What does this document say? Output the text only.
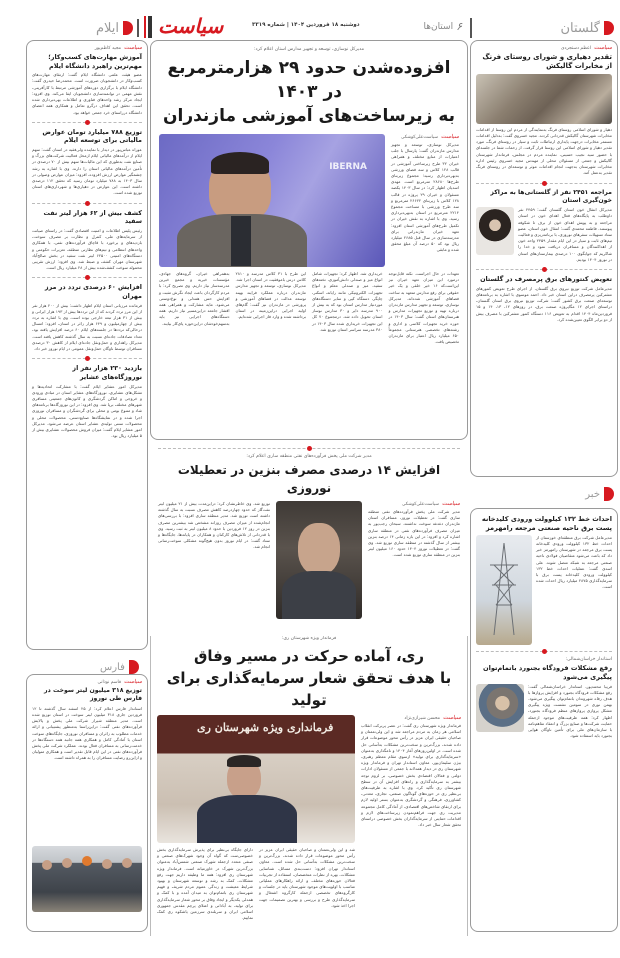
گلستان
۶
استان‌ها
دوشنبه ۱۸ فروردین ۱۴۰۴ | شماره ۳۳۱۹
سیاست
ایلام
سیاست
اعظم دستجردی
تقدیر دهیاری و شورای روستای فرنگ از مخابرات گالیکش
دهیار و شورای اسلامی روستای فرنگ به‌نمایندگی از مردم این روستا از اقدامات مخابرات شهرستان گالیکش قدردانی کردند. مجید خسروی گفت: به‌دلیل اقدامات مستمر مخابرات درجهت پایداری ارتباطات ثابت و سیار در روستای فرنگ، مورد تقدیر دهیار و شورای اسلامی این روستا قرار گرفت. از زحمات شما در جلسه‌ای با حضور سید نجیب حسینی، نماینده مردم در مجلس، فرماندار شهرستان گالیکش و جمعی از مسئولان محلی از مهندس مجید خسروی رئیس اداره مخابرات شهرستان به‌جهت انجام اقدامات موثر و توسعه‌ای در روستای فرنگ تقدیر به‌عمل آمد.
مراجعه ۲۴۵۱ نفر از گلستانی‌ها به مراکز خون‌گیری استان
مدیرکل انتقال خون استان گلستان گفت: ۲۴۵۹ نفر داوطلب به پایگاه‌های فعال اهدای خون در استان مراجعه و به پویش اهدای خون از برف تا شکوفه پیوستند. فاطمه محمدی گفت: انتقال خون استان، عضو ستاد تسهیلات سفرهای نوروزی، با برنامه‌ریزی و فعالیت تیم‌های ثابت و سیار در این ایام مقدار ۲۴۵۹ واحد خون از اهداکنندگان و مسافران دریافت نمود و خدا را شاکریم که جوابگوی ۱۰۰ درصدی بیمارستان‌های استان در نوروز ۱۴۰۴ بودیم.
تعویض کنتورهای برق پرمصرف در گلستان
مدیرعامل شرکت توزیع نیروی برق گلستان، از اجرای طرح تعویض کنتورهای مشترکین پرمصرف دراین استان خبر داد. احمد موسوی با اشاره به برنامه‌های توسعه‌ای صنعت برق کشور گفت: شرکت توزیع نیروی برق استان گلستان، دراستای اجرای ۱۲ مگاپروژه صنعت برق، در روزهای ۱۲، ۱۳، ۱۴ و ۱۵ فروردین‌ماه ۱۴۰۴ اقدام به تعویض ۱۱۶ دستگاه کنتور مشترکین با مصرف بیش از دو برابر الگوی تعیین‌شده کرد.
خبر
احداث خط ۱۳۲ کیلوولت ورودی کلیدخانه پست برق ناحیه صنعتی مرجعه رامهرمز
مدیرعامل شرکت برق منطقه‌ای خوزستان از احداث خط ۱۳۲ کیلوولت ورودی کلیدخانه پست برق مرجعه در شهرستان رامهرمز خبر داد که باعث می‌شود متقاضیان فولادی ناحیه صنعتی مرجعه به شبکه متصل شوند. علی اسدی گفت: عملیات احداث خط ۱۳۲ کیلوولت ورودی کلیدخانه پست برق با سرمایه‌گذاری ۲۸۷۵ میلیارد ریال احداث شده است.
استاندار خراسان‌شمالی:
رفع مشکلات فرودگاه بجنورد باتمام‌توان پیگیری می‌شود
فریبا محمدپور، استاندار خراسان‌شمالی گفت: رفع مشکلات فرودگاه بجنورد و افزایش پروازها با هدف رفاه شهروندان باتمام‌توان پیگیری می‌شود. بهمن نوری در سومین نشست ویژه پیگیری مشکل پروازی پروازهای منظم فرودگاه بجنورد، اظهار کرد: همه ظرفیت‌های موجود ازجمله حمایت شرکت‌ها و صنایع بزرگ و انعقاد تفاهم‌نامه با سازمان‌های ملی برای تأمین ناوگان هوایی بجنورد باید استفاده شود.
مدیرکل نوسازی، توسعه و تجهیز مدارس استان اعلام کرد:
افزوده‌شدن حدود ۲۹ هزارمترمربع در ۱۴۰۳
به زیرساخت‌های آموزشی مازندران
سیاست
سیاست‌علی‌کوشکی
مدیرکل نوسازی، توسعه و تجهیز مدارس مازندران گفت: پارسال با جلب اعتبارات از منابع مختلف و همراهی خیران ۳۲ طرح زیرساختی آموزشی در قالب ۱۲۸ کلاس و سه فضای ورزشی به‌بهره‌برداری رسید؛ مجموع زیربنای طرح‌ها ۲۸۶۸۰ مترمربع است. مهدی اسدیان اظهار کرد: در سال ۱۴۰۳ یکصد مسئولان و خیران ۲۹ پروژه در قالب ۱۲۸ کلاس با زیربنای ۲۶۶۲۲ مترمربع و سه طرح ورزشی با مساحت مجموع ۲۲۱۴ مترمربع در استان به‌بهره‌برداری رسید. وی با اشاره به نقش خیران در تکمیل طرح‌های آموزشی استان افزود: تعهد خیران مازندرانی برای مدرسه‌سازی در سال قبل ۲۶۸۵ میلیارد ریال بود که ۵۰ درصد آن مبلغ محقق شده و مابقی
IBERNA
تعهدات در حال اجراست. نکته قابل‌توجه درمورد این میزان تعهد خیران نیز این‌است‌که ۱۶ خیر خلقی و یک خیر حقوقی برای رفع مدارس متعهد به ساخت فضاهای آموزشی شده‌اند. مدیرکل نوسازی، توسعه و تجهیز مدارس مازندران درباره تهیه و توزیع تجهیزات مدارس و هنرستان‌های استان گفت: سال ۱۴۰۳ در حوزه خرید تجهیزات کلاسی و اداری و رشته‌های تخصصی هنرستانی مجموعاً ۶۵۰ میلیارد ریال اعتبار برای مازندران تخصیص یافت.
خریداری شد. اظهار کرد: تجهیزات شامل انواع میز و صندلی دانش‌آموزی، تخته‌های سفید، میز و صندلی معلم و انواع تجهیزات الکترونیکی مانند رایانه، اسکنر، چاپگر، دستگاه کپی و سایر دستگاه‌های موردنیاز مدارس استان بود که به بیش از ۹۰۰ مدرسه دایر و ۳۰ مدارس نوساز استان تحویل داده شد. درمجموع ۷۰ کل این تجهیزات خریداری شده سال ۱۴۰۳ در ۳۸۰ مدرسه سراسر استان توزیع شد.
این طرح با ۳۱ کلاس مدرسه و ۲۸۱۰ کلاس درس باموفقیت در استان اجرا شد. مدیرکل نوسازی، توسعه و تجهیز مدارس مازندران درباره عملکرد فرایند بهینه توسعه عدالت در فضاهای آموزشی و پرورشی در مازندران نیز گفت: گام‌های اولیه اجرایی دراین‌زمینه در استان برداشته شده و وارد فاز اجرایی شده‌ایم.
به‌همراهی خیران، گروه‌های جهادی، مؤسسات خیریه و مجمع خیرین مدرسه‌ساز نیاز داریم. وی تصریح کرد: با مردم کارگردان باعث ایجاد نگرش مثبت و افزایش حس همدلی و نوع‌دوستی می‌شود. مایه مشارکت و همراهی همه اقشار جامعه دراین‌مسیر نیاز داریم. همه دستگاه‌های اجرایی نیز باید به‌سهم‌خودشان دراین‌حوزه پای‌کار بیایند.
مدیر شرکت ملی پخش فرآورده‌های نفتی منطقه ساری اعلام کرد:
افزایش ۱۴ درصدی مصرف بنزین در تعطیلات نوروزی
سیاست
سیاست‌علی‌کوشکی
مدیر شرکت ملی پخش فرآورده‌های نفتی منطقه ساری گفت: در تعطیلات نوروز، مسافران استان مازندران دغدغه سوخت نداشتند. سبحان رجب‌پور به میزان مصرف فرآورده‌های نفتی در منطقه ساری اشاره کرد و افزود: در این بازه زمانی ۱۴ درصد بنزین بیشتر از سال گذشته در منطقه ساری توزیع شد. وی گفت: در تعطیلات نوروز ۱۴۰۴ حدود ۱۶۰ میلیون لیتر بنزین در منطقه ساری توزیع شده است.
توزیع شد. وی خاطرنشان کرد: دراین‌مدت بیش از ۲۱ میلیون لیتر نفت‌گاز که حدود چهاردرصد کاهش مصرف نسبت به سال گذشته داشته است توزیع شد. مدیر منطقه ساری افزود: با بررسی‌های انجام‌شده از میزان مصرف روزانه مشخص شد بیشترین مصرف بنزین در روز ۱۲ فروردین با حدود ۸ میلیون لیتر به ثبت رسید. وی با قدردانی از تلاش‌های کارکنان و همکاران در پایانه‌ها، جایگاه‌ها و ستاد گفت: در ایام نوروز بدون هیچ‌گونه مشکلی سوخت‌رسانی انجام شد.
فرماندار ویژه شهرستان ری:
ری، آماده حرکت در مسیر وفاق
با هدف تحقق شعار سرمایه‌گذاری برای تولید
سیاست
محسن شیرازی‌نژاد
فرماندار ویژه شهرستان ری گفت: در عصر پربرکت انقلاب اسلامی هر زمان به مردم مراجعه شد و این ولی‌نعمتان و صاحبان حقیقی ایران عزیز در رأس محور موضوعات قرار داده شدند، بزرگ‌ترین و سخت‌ترین مشکلات به‌آسانی حل شده است. در اولین‌روزهای آغاز ۱۴۰۴ و نامگذاری به‌عنوان «سرمایه‌گذاری برای تولید» ازسوی مقام معظم رهبری، بیژن سلیمان‌پور، معاون استاندار تهران و فرماندار ویژه شهرستان ری در دیدار همدلانه با جمعی از مسئولان ادارات دولتی و فعالان اقتصادی بخش خصوصی، بر لزوم توجه بیشتر به سرمایه‌گذاری و راه‌های افزایش آن در سطح شهرستان ری تأکید کرد. وی با اشاره به ظرفیت‌های بی‌نظیر ری در حوزه‌های گوناگون صنعتی، تجاری، معدنی، کشاورزی، فرهنگی و گردشگری به‌عنوان بستر اولیه لازم برای ارتقای شاخص‌های اقتصادی، از آمادگی کامل مجموعه مدیریت ری جهت فراهم‌نمودن زیرساخت‌های لازم و اقدامات حمایتی از سرمایه‌گذاران بخش خصوصی دراستای تحقق شعار سال خبر داد.
فرمانداری ویژه شهرستان ری
شد و این ولی‌نعمتان و صاحبان حقیقی ایران عزیز در رأس محور موضوعات قرار داده شدند، بزرگ‌ترین و سخت‌ترین مشکلات به‌آسانی حل شده است. معاون استاندار تهران افزود: دست‌بندی مسائل، شناسایی مشکلات، بهره از نظرات متخصصان، استفاده از تجربیات فعالان حوزه‌های مختلف و ارائه راهکارهای عملیاتی مناسب با اولویت‌های موجود شهرستان باید در جلسات و کارگروه‌های تخصصی ازجمله کارگروه اشتغال و سرمایه‌گذاری طرح و بررسی و بهترین تصمیمات جهت اجرا اخذ شود.
دارای جایگاه بی‌نظیر برای پذیرش سرمایه‌گذاری بخش خصوصی‌ست که گواه آن وجود شهرک‌های صنعتی و صنفی متعدد ازجمله شهرک صنعتی شمس‌آباد به‌عنوان بزرگ‌ترین شهرک در خاورمیانه است. فرماندار ویژه شهرستان ری افزود: همه ما وظیفه داریم جهت رفع مشکلات، کمک به رشد و توسعه شهرستان و بهبود شرایط معیشت و زندگی عموم مردم شریف و فهیم شهرستان ری باتمام‌توان به میدان آمده و با کمک و همدلی یکدیگر و ایجاد وفاق بر محور شعار سرمایه‌گذاری برای تولید، به آبادانی و اعتلای پرچم مقدس جمهوری اسلامی ایران و سربلندی سرزمین یاشکوه ری کمک نماییم.
سیاست
مجید کاظم‌پور
آموزش مهارت‌های کسب‌وکار؛ مهم‌ترین راهبرد دانشگاه ایلام
عضو هیئت علمی دانشگاه ایلام گفت: ارتقای مهارت‌های کسب‌وکار در دانشجویان ضرورت است. محمدرضا حیدری گفت: دانشگاه ایلام با برگزاری دوره‌های آموزشی مرتبط با کارآفرینی، نقش مهمی در توانمندسازی دانشجویان ایفا می‌کند. وی افزود: ایجاد مرکز رشد واحدهای فناوری و اطلاعات بهره‌برداری شده است. تحقق این اهداف درگرو تعامل و همکاری همه اعضای دانشگاه درراستای خرد جمعی خواهد بود.
توزیع ۷۸۸ میلیارد تومان عوارض مالیاتی برای توسعه ایلام
عوراه عباس‌پور در دیدار با نماینده ولی‌فقیه در استان گفت: سهم ایلام از درآمدهای مالیاتی ایلام ازمحل فعالیت شرکت‌های بزرگ و صنایع نفت به‌طوری که این مالیات‌ها سهم بیش از ۷۰ درصدی در تأمین درآمدهای مالیاتی استان را دارند. وی با اشاره به رشد چشمگیر عوارض ارزش افزوده، افزود: میزان عوارض وصولی در سال ۱۴۰۳ به ۷۸۸ میلیارد تومان رسید که تحقق ۱۱۲ درصدی داشته است. این عوارض در دهیاری‌ها و شهرداری‌های استان توزیع شده است.
کشف بیش از ۶۲ هزار لیتر نفت سفید
رئیس پلیس اطلاعات و امنیت اقتصادی گفت: در راستای صیانت از سرمایه‌های ملی، کنترل و نظارت بر مصرف سوخت، بازدیدهای و برخورد با قاچاق فرآورده‌های نفتی، با همکاری واحدهای انتظامی و تیم‌های نظارتی منطقه، تعزیرات حکومتی و دستگاه‌های امنیتی ۶۲۵۰۰ لیتر نفت سفید در بخش صالح‌آباد شهرستان مهران کشف و ضبط شد. وی افزود: ارزش تقریبی محموله سوخت کشف‌شده بیش از ۲۸ میلیارد ریال است.
افزایش ۶۰ درصدی تردد در مرز مهران
فرمانده مرزبانی استان ایلام اظهار داشت: بیش از ۲۰۰ هزار نفر از این مرز تردد کردند که از این ترددها بیش از ۱۹۳ هزار ایرانی و بیش از ۳۱ هزار تبعه خارجی بوده است. وی با اشاره به تردد بیش از چهارمیلیون و ۶۴۹ هزار زائر در استان، افزود: امسال درحالی‌که ترددها در جلسه‌های ایلام ۶۰ درصد افزایش یافته بود، تعداد تصادفات جاده‌ای نسبت به سال گذشته کاهش یافته است. مدیرکل راهداری و حمل‌ونقل جاده‌ای ایلام از کاهش ۳۰ درصدی مسافران توسط ناوگان حمل‌ونقل عمومی در ایام نوروز خبر داد.
بازدید ۲۳۰ هزار نفر از نوروزگاه‌های عشایر
مدیرکل امور عشایر ایلام گفت: با مشارکت اتحادیه‌ها و تشکل‌های عشایری، نوروزگاه‌های عشایر استان در مبادی ورودی و خروجی و اماکن گردشگری و کانون‌های جمعیتی مسافری شهرهای مختلف برپا شد. وی افزود: در این نوروزگاه‌ها برنامه‌های شاد و متنوع بومی و محلی برای گردشگران و مسافران نوروزی اجرا شده و در نمایشگاه‌ها صنایع‌دستی، محصولات محلی و محصولات سنتی تولیدی عشایر استان عرضه می‌شود. مدیرکل امور عشایر ایلام گفت: میزان فروش محصولات عشایری بیش از ۵ میلیارد ریال بود.
فارس
سیاست
قاسم نوذانی
توزیع ۳۱۸ میلیون لیتر سوخت در فارس طی نوروز
استاندار فارس اعلام کرد: از ۲۵ اسفند سال گذشته تا ۱۲ فروردین جاری ۳۱۸ میلیون لیتر سوخت در استان توزیع شده است. مدیر منطقه شیراز شرکت ملی پخش و پالایش فرآورده‌های نفتی گفت: دراین‌راستا به‌منظور پشتیبانی و ارائه خدمات مطلوب به زائران و مسافران نوروزی، جایگاه‌های سوخت استان با آمادگی کامل و همکاری همه جانبه همه دستگاه‌ها در خدمت‌رسانی به مسافران فعال بودند. عملکرد شرکت ملی پخش فرآورده‌های نفتی در این ایام قابل تقدیر است و همکاری متولیان و ازاین‌رو رضایت مسافران را به همراه داشته است.
